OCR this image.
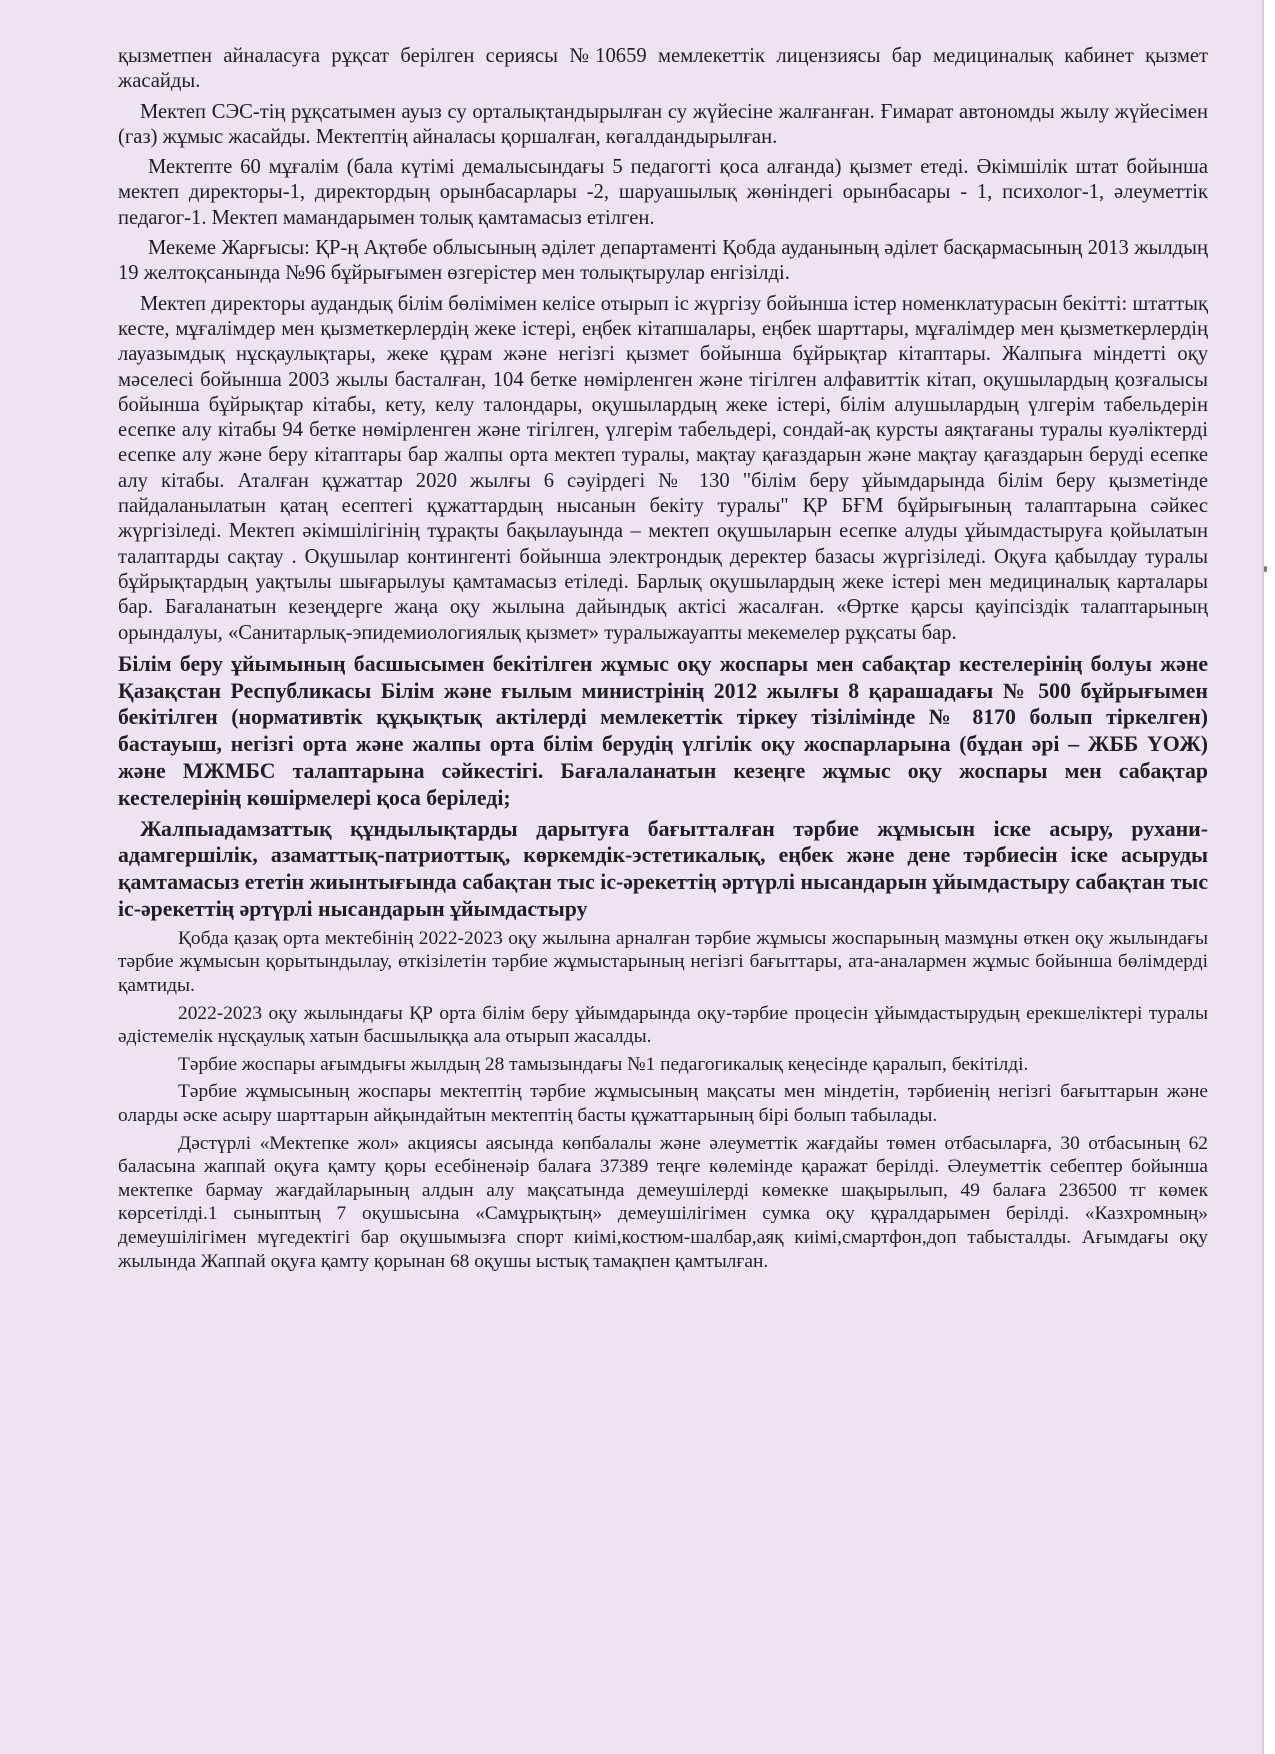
қызметпен айналасуға рұқсат берілген сериясы №10659 мемлекеттік лицензиясы бар медициналық кабинет қызмет жасайды.

Мектеп СЭС-тің рұқсатымен ауыз су орталықтандырылған су жүйесіне жалғанған. Ғимарат автономды жылу жүйесімен (газ) жұмыс жасайды. Мектептің айналасы қоршалған, көгалдандырылған.

Мектепте 60 мұғалім (бала күтімі демалысындағы 5 педагогті қоса алғанда) қызмет етеді. Әкімшілік штат бойынша мектеп директоры-1, директордың орынбасарлары -2, шаруашылық жөніндегі орынбасары - 1, психолог-1, әлеуметтік педагог-1. Мектеп мамандарымен толық қамтамасыз етілген.

Мекеме Жарғысы: ҚР-ң Ақтөбе облысының әділет департаменті Қобда ауданының әділет басқармасының 2013 жылдың 19 желтоқсанында №96 бұйрығымен өзгерістер мен толықтырулар енгізілді.

Мектеп директоры аудандық білім бөлімімен келісе отырып іс жүргізу бойынша істер номенклатурасын бекітті: штаттық кесте, мұғалімдер мен қызметкерлердің жеке істері, еңбек кітапшалары, еңбек шарттары, мұғалімдер мен қызметкерлердің лауазымдық нұсқаулықтары, жеке құрам және негізгі қызмет бойынша бұйрықтар кітаптары. Жалпыға міндетті оқу мәселесі бойынша 2003 жылы басталған, 104 бетке нөмірленген және тігілген алфавиттік кітап, оқушылардың қозғалысы бойынша бұйрықтар кітабы, кету, келу талондары, оқушылардың жеке істері, білім алушылардың үлгерім табельдерін есепке алу кітабы 94 бетке нөмірленген және тігілген, үлгерім табельдері, сондай-ақ курсты аяқтағаны туралы куәліктерді есепке алу және беру кітаптары бар жалпы орта мектеп туралы, мақтау қағаздарын және мақтау қағаздарын беруді есепке алу кітабы. Аталған құжаттар 2020 жылғы 6 сәуірдегі № 130 "білім беру ұйымдарында білім беру қызметінде пайдаланылатын қатаң есептегі құжаттардың нысанын бекіту туралы" ҚР БҒМ бұйрығының талаптарына сәйкес жүргізіледі. Мектеп әкімшілігінің тұрақты бақылауында – мектеп оқушыларын есепке алуды ұйымдастыруға қойылатын талаптарды сақтау . Оқушылар контингенті бойынша электрондық деректер базасы жүргізіледі. Оқуға қабылдау туралы бұйрықтардың уақтылы шығарылуы қамтамасыз етіледі. Барлық оқушылардың жеке істері мен медициналық карталары бар. Бағаланатын кезеңдерге жаңа оқу жылына дайындық актісі жасалған. «Өртке қарсы қауіпсіздік талаптарының орындалуы, «Санитарлық-эпидемиологиялық қызмет» туралыжауапты мекемелер рұқсаты бар.

Білім беру ұйымының басшысымен бекітілген жұмыс оқу жоспары мен сабақтар кестелерінің болуы және Қазақстан Республикасы Білім және ғылым министрінің 2012 жылғы 8 қарашадағы № 500 бұйрығымен бекітілген (нормативтік құқықтық актілерді мемлекеттік тіркеу тізілімінде № 8170 болып тіркелген) бастауыш, негізгі орта және жалпы орта білім берудің үлгілік оқу жоспарларына (бұдан әрі – ЖББ ҮОЖ) және МЖМБС талаптарына сәйкестігі. Бағалаланатын кезеңге жұмыс оқу жоспары мен сабақтар кестелерінің көшірмелері қоса беріледі;

Жалпыадамзаттық құндылықтарды дарытуға бағытталған тәрбие жұмысын іске асыру, рухани-адамгершілік, азаматтық-патриоттық, көркемдік-эстетикалық, еңбек және дене тәрбиесін іске асыруды қамтамасыз ететін жиынтығында сабақтан тыс іс-әрекеттің әртүрлі нысандарын ұйымдастыру сабақтан тыс іс-әрекеттің әртүрлі нысандарын ұйымдастыру

Қобда қазақ орта мектебінің 2022-2023 оқу жылына арналған тәрбие жұмысы жоспарының мазмұны өткен оқу жылындағы тәрбие жұмысын қорытындылау, өткізілетін тәрбие жұмыстарының негізгі бағыттары, ата-аналармен жұмыс бойынша бөлімдерді қамтиды.

2022-2023 оқу жылындағы ҚР орта білім беру ұйымдарында оқу-тәрбие процесін ұйымдастырудың ерекшеліктері туралы әдістемелік нұсқаулық хатын басшылыққа ала отырып жасалды.

Тәрбие жоспары ағымдығы жылдың 28 тамызындағы №1 педагогикалық кеңесінде қаралып, бекітілді.

Тәрбие жұмысының жоспары мектептің тәрбие жұмысының мақсаты мен міндетін, тәрбиенің негізгі бағыттарын және оларды әске асыру шарттарын айқындайтын мектептің басты құжаттарының бірі болып табылады.

Дәстүрлі «Мектепке жол» акциясы аясында көпбалалы және әлеуметтік жағдайы төмен отбасыларға, 30 отбасының 62 баласына жаппай оқуға қамту қоры есебіненәір балаға 37389 теңге көлемінде қаражат берілді. Әлеуметтік себептер бойынша мектепке бармау жағдайларының алдын алу мақсатында демеушілерді көмекке шақырылып, 49 балаға 236500 тг көмек көрсетілді.1 сыныптың 7 оқушысына «Самұрықтың» демеушілігімен сумка оқу құралдарымен берілді. «Казхромның» демеушілігімен мүгедектігі бар оқушымызға спорт киімі,костюм-шалбар,аяқ киімі,смартфон,доп табысталды. Ағымдағы оқу жылында Жаппай оқуға қамту қорынан 68 оқушы ыстық тамақпен қамтылған.
